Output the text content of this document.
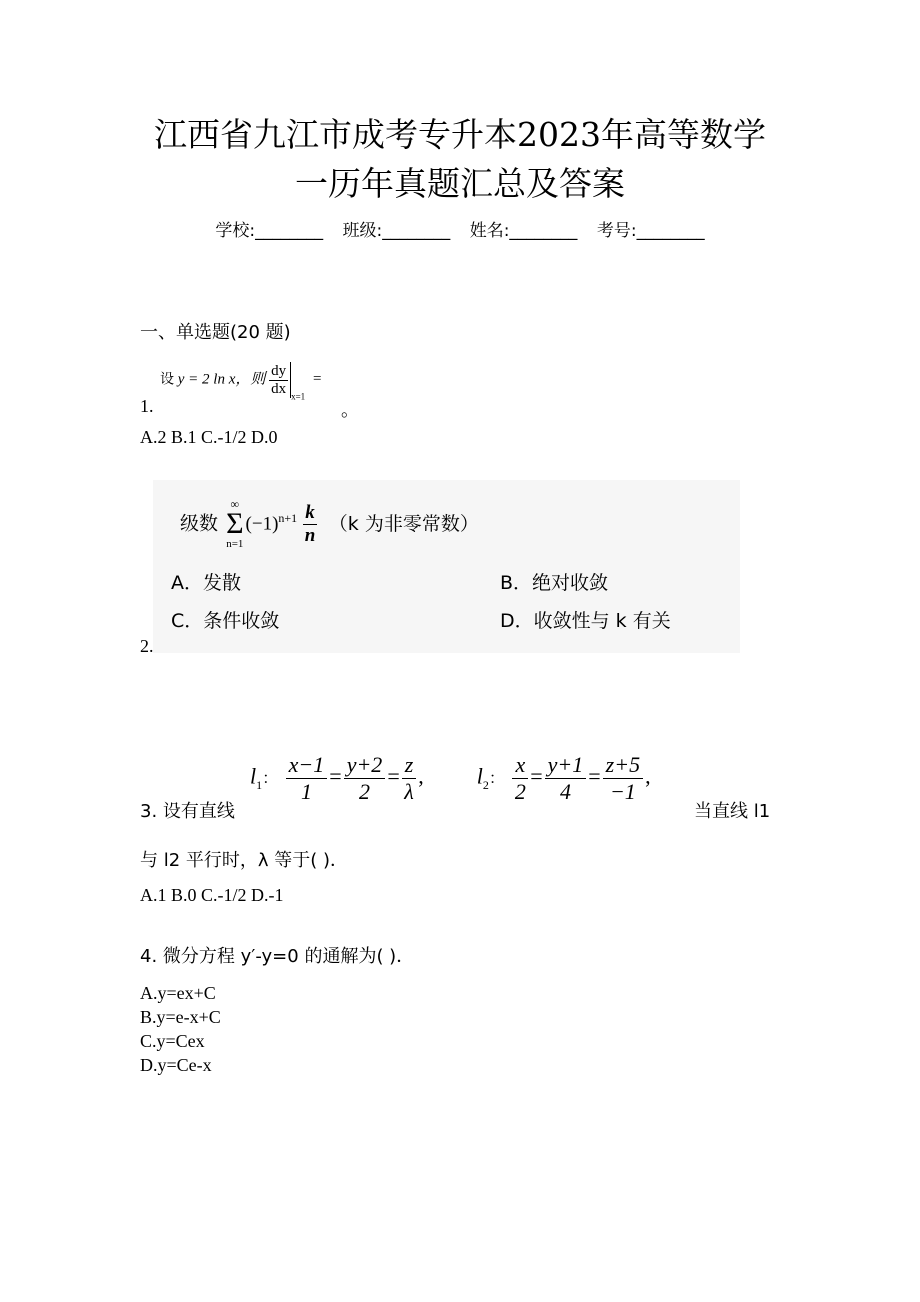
江西省九江市成考专升本2023年高等数学
一历年真题汇总及答案
学校:________ 班级:________ 姓名:________ 考号:________
一、单选题(20 题)
设 y = 2 ln x，则 $\frac{dy}{dx} _{x=1}$ =
1.	。
A.2 B.1 C.-1/2 D.0
级数
∞
Σ
n=1
$(-1)^{n+1} \frac{k}{n} (k$ 为非零常数）
A．发散	B．绝对收敛
C．条件收敛	D．收敛性与 k 有关
2.
3. 设有直线
$l_1$： $\frac{x-1}{1} = \frac{y+2}{2} = \frac{z}{\lambda}$ ,  $l_2$： $\frac{x}{2} = \frac{y+1}{4} = \frac{z+5}{-1}$ ,
当直线 l1
与 l2 平行时，λ 等于( )．
A.1 B.0 C.-1/2 D.-1
4. 微分方程 y′-y=0 的通解为( )．
A.y=ex+C
B.y=e-x+C
C.y=Cex
D.y=Ce-x
